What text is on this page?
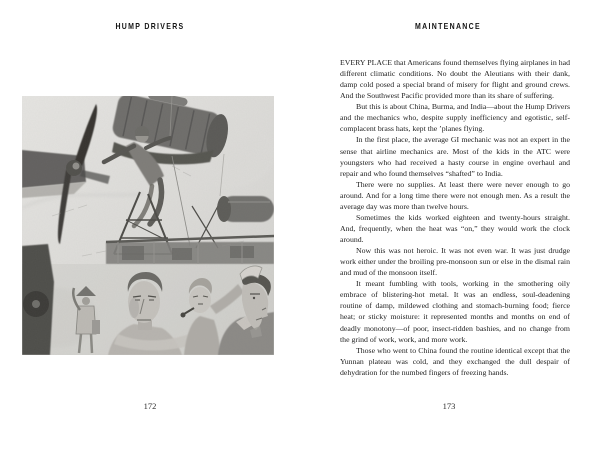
HUMP DRIVERS
172
MAINTENANCE

EVERY PLACE that Americans found themselves flying airplanes in had different climatic conditions. No doubt the Aleutians with their dank, damp cold posed a special brand of misery for flight and ground crews. And the Southwest Pacific provided more than its share of suffering.

But this is about China, Burma, and India—about the Hump Drivers and the mechanics who, despite supply inefficiency and egotistic, self-complacent brass hats, kept the ’planes flying.

In the first place, the average GI mechanic was not an expert in the sense that airline mechanics are. Most of the kids in the ATC were youngsters who had received a hasty course in engine overhaul and repair and who found themselves “shafted” to India.

There were no supplies. At least there were never enough to go around. And for a long time there were not enough men. As a result the average day was more than twelve hours.

Sometimes the kids worked eighteen and twenty-hours straight. And, frequently, when the heat was “on,” they would work the clock around.

Now this was not heroic. It was not even war. It was just drudge work either under the broiling pre-monsoon sun or else in the dismal rain and mud of the monsoon itself.

It meant fumbling with tools, working in the smothering oily embrace of blistering-hot metal. It was an endless, soul-deadening routine of damp, mildewed clothing and stomach-burning food; fierce heat; or sticky moisture: it represented months and months on end of deadly monotony—of poor, insect-ridden bashies, and no change from the grind of work, work, and more work.

Those who went to China found the routine identical except that the Yunnan plateau was cold, and they exchanged the dull despair of dehydration for the numbed fingers of freezing hands.

173
